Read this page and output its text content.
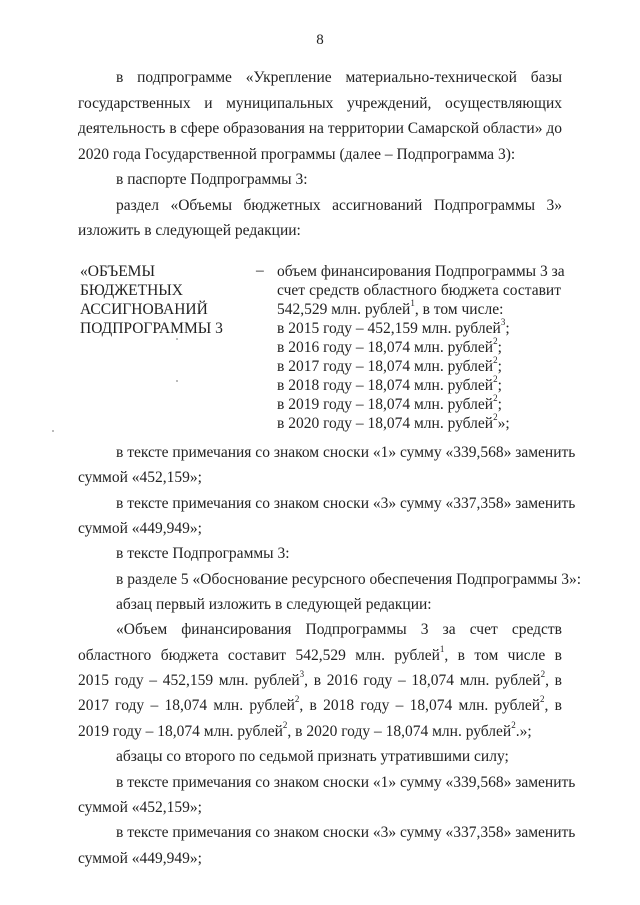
8
в подпрограмме «Укрепление материально-технической базы
государственных и муниципальных учреждений, осуществляющих
деятельность в сфере образования на территории Самарской области» до
2020 года Государственной программы (далее – Подпрограмма 3):
в паспорте Подпрограммы 3:
раздел «Объемы бюджетных ассигнований Подпрограммы 3»
изложить в следующей редакции:
«ОБЪЕМЫ
БЮДЖЕТНЫХ
АССИГНОВАНИЙ
ПОДПРОГРАММЫ 3
– объем финансирования Подпрограммы 3 за
счет средств областного бюджета составит
542,529 млн. рублей$^1$, в том числе:
в 2015 году – 452,159 млн. рублей$^3$;
в 2016 году – 18,074 млн. рублей$^2$;
в 2017 году – 18,074 млн. рублей$^2$;
в 2018 году – 18,074 млн. рублей$^2$;
в 2019 году – 18,074 млн. рублей$^2$;
в 2020 году – 18,074 млн. рублей$^2$»;
в тексте примечания со знаком сноски «1» сумму «339,568» заменить
суммой «452,159»;
в тексте примечания со знаком сноски «3» сумму «337,358» заменить
суммой «449,949»;
в тексте Подпрограммы 3:
в разделе 5 «Обоснование ресурсного обеспечения Подпрограммы 3»:
абзац первый изложить в следующей редакции:
«Объем финансирования Подпрограммы 3 за счет средств
областного бюджета составит 542,529 млн. рублей$^1$, в том числе в
2015 году – 452,159 млн. рублей$^3$, в 2016 году – 18,074 млн. рублей$^2$, в
2017 году – 18,074 млн. рублей$^2$, в 2018 году – 18,074 млн. рублей$^2$, в
2019 году – 18,074 млн. рублей$^2$, в 2020 году – 18,074 млн. рублей$^2$.»;
абзацы со второго по седьмой признать утратившими силу;
в тексте примечания со знаком сноски «1» сумму «339,568» заменить
суммой «452,159»;
в тексте примечания со знаком сноски «3» сумму «337,358» заменить
суммой «449,949»;
